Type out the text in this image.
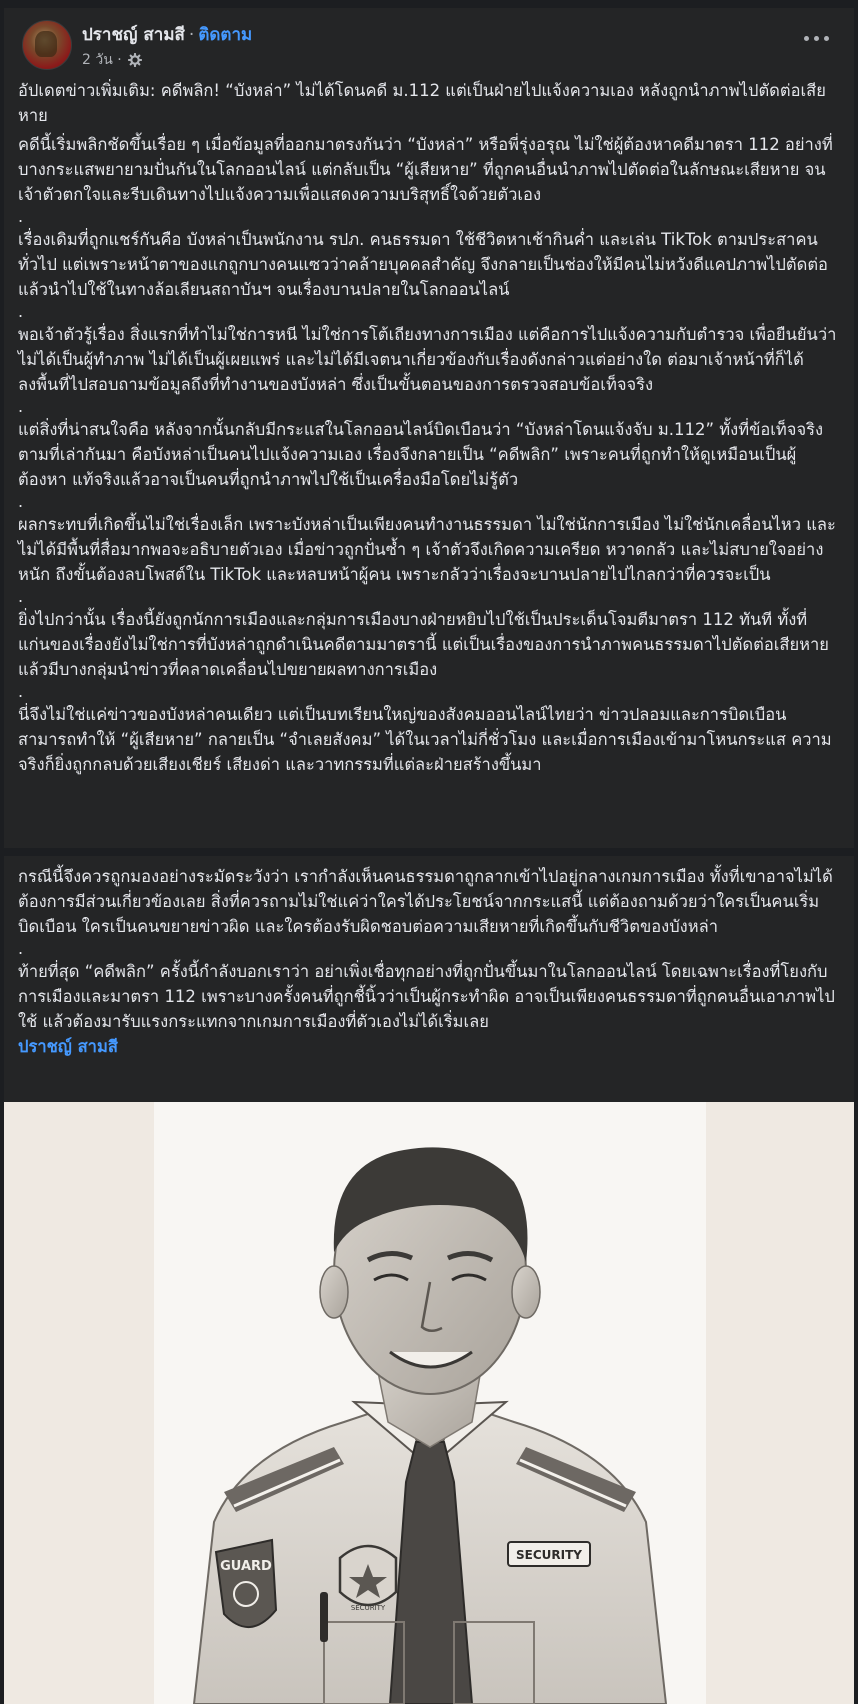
ปราชญ์ สามสี · ติดตาม
2 วัน ·

อัปเดตข่าวเพิ่มเติม: คดีพลิก! “บังหล่า” ไม่ได้โดนคดี ม.112 แต่เป็นฝ่ายไปแจ้งความเอง หลังถูกนำภาพไปตัดต่อเสียหาย

คดีนี้เริ่มพลิกชัดขึ้นเรื่อย ๆ เมื่อข้อมูลที่ออกมาตรงกันว่า “บังหล่า” หรือพี่รุ่งอรุณ ไม่ใช่ผู้ต้องหาคดีมาตรา 112 อย่างที่บางกระแสพยายามปั่นกันในโลกออนไลน์ แต่กลับเป็น “ผู้เสียหาย” ที่ถูกคนอื่นนำภาพไปตัดต่อในลักษณะเสียหาย จนเจ้าตัวตกใจและรีบเดินทางไปแจ้งความเพื่อแสดงความบริสุทธิ์ใจด้วยตัวเอง

.

เรื่องเดิมที่ถูกแชร์กันคือ บังหล่าเป็นพนักงาน รปภ. คนธรรมดา ใช้ชีวิตหาเช้ากินค่ำ และเล่น TikTok ตามประสาคนทั่วไป แต่เพราะหน้าตาของแกถูกบางคนแซวว่าคล้ายบุคคลสำคัญ จึงกลายเป็นช่องให้มีคนไม่หวังดีแคปภาพไปตัดต่อ แล้วนำไปใช้ในทางล้อเลียนสถาบันฯ จนเรื่องบานปลายในโลกออนไลน์

.

พอเจ้าตัวรู้เรื่อง สิ่งแรกที่ทำไม่ใช่การหนี ไม่ใช่การโต้เถียงทางการเมือง แต่คือการไปแจ้งความกับตำรวจ เพื่อยืนยันว่าไม่ได้เป็นผู้ทำภาพ ไม่ได้เป็นผู้เผยแพร่ และไม่ได้มีเจตนาเกี่ยวข้องกับเรื่องดังกล่าวแต่อย่างใด ต่อมาเจ้าหน้าที่ก็ได้ลงพื้นที่ไปสอบถามข้อมูลถึงที่ทำงานของบังหล่า ซึ่งเป็นขั้นตอนของการตรวจสอบข้อเท็จจริง

.

แต่สิ่งที่น่าสนใจคือ หลังจากนั้นกลับมีกระแสในโลกออนไลน์บิดเบือนว่า “บังหล่าโดนแจ้งจับ ม.112” ทั้งที่ข้อเท็จจริงตามที่เล่ากันมา คือบังหล่าเป็นคนไปแจ้งความเอง เรื่องจึงกลายเป็น “คดีพลิก” เพราะคนที่ถูกทำให้ดูเหมือนเป็นผู้ต้องหา แท้จริงแล้วอาจเป็นคนที่ถูกนำภาพไปใช้เป็นเครื่องมือโดยไม่รู้ตัว

.

ผลกระทบที่เกิดขึ้นไม่ใช่เรื่องเล็ก เพราะบังหล่าเป็นเพียงคนทำงานธรรมดา ไม่ใช่นักการเมือง ไม่ใช่นักเคลื่อนไหว และไม่ได้มีพื้นที่สื่อมากพอจะอธิบายตัวเอง เมื่อข่าวถูกปั่นซ้ำ ๆ เจ้าตัวจึงเกิดความเครียด หวาดกลัว และไม่สบายใจอย่างหนัก ถึงขั้นต้องลบโพสต์ใน TikTok และหลบหน้าผู้คน เพราะกลัวว่าเรื่องจะบานปลายไปไกลกว่าที่ควรจะเป็น

.

ยิ่งไปกว่านั้น เรื่องนี้ยังถูกนักการเมืองและกลุ่มการเมืองบางฝ่ายหยิบไปใช้เป็นประเด็นโจมตีมาตรา 112 ทันที ทั้งที่แก่นของเรื่องยังไม่ใช่การที่บังหล่าถูกดำเนินคดีตามมาตรานี้ แต่เป็นเรื่องของการนำภาพคนธรรมดาไปตัดต่อเสียหาย แล้วมีบางกลุ่มนำข่าวที่คลาดเคลื่อนไปขยายผลทางการเมือง

.

นี่จึงไม่ใช่แค่ข่าวของบังหล่าคนเดียว แต่เป็นบทเรียนใหญ่ของสังคมออนไลน์ไทยว่า ข่าวปลอมและการบิดเบือนสามารถทำให้ “ผู้เสียหาย” กลายเป็น “จำเลยสังคม” ได้ในเวลาไม่กี่ชั่วโมง และเมื่อการเมืองเข้ามาโหนกระแส ความจริงก็ยิ่งถูกกลบด้วยเสียงเชียร์ เสียงด่า และวาทกรรมที่แต่ละฝ่ายสร้างขึ้นมา

กรณีนี้จึงควรถูกมองอย่างระมัดระวังว่า เรากำลังเห็นคนธรรมดาถูกลากเข้าไปอยู่กลางเกมการเมือง ทั้งที่เขาอาจไม่ได้ต้องการมีส่วนเกี่ยวข้องเลย สิ่งที่ควรถามไม่ใช่แค่ว่าใครได้ประโยชน์จากกระแสนี้ แต่ต้องถามด้วยว่าใครเป็นคนเริ่มบิดเบือน ใครเป็นคนขยายข่าวผิด และใครต้องรับผิดชอบต่อความเสียหายที่เกิดขึ้นกับชีวิตของบังหล่า

.

ท้ายที่สุด “คดีพลิก” ครั้งนี้กำลังบอกเราว่า อย่าเพิ่งเชื่อทุกอย่างที่ถูกปั่นขึ้นมาในโลกออนไลน์ โดยเฉพาะเรื่องที่โยงกับการเมืองและมาตรา 112 เพราะบางครั้งคนที่ถูกชี้นิ้วว่าเป็นผู้กระทำผิด อาจเป็นเพียงคนธรรมดาที่ถูกคนอื่นเอาภาพไปใช้ แล้วต้องมารับแรงกระแทกจากเกมการเมืองที่ตัวเองไม่ได้เริ่มเลย

ปราชญ์ สามสี

GUARD
SECURITY
SECURITY
